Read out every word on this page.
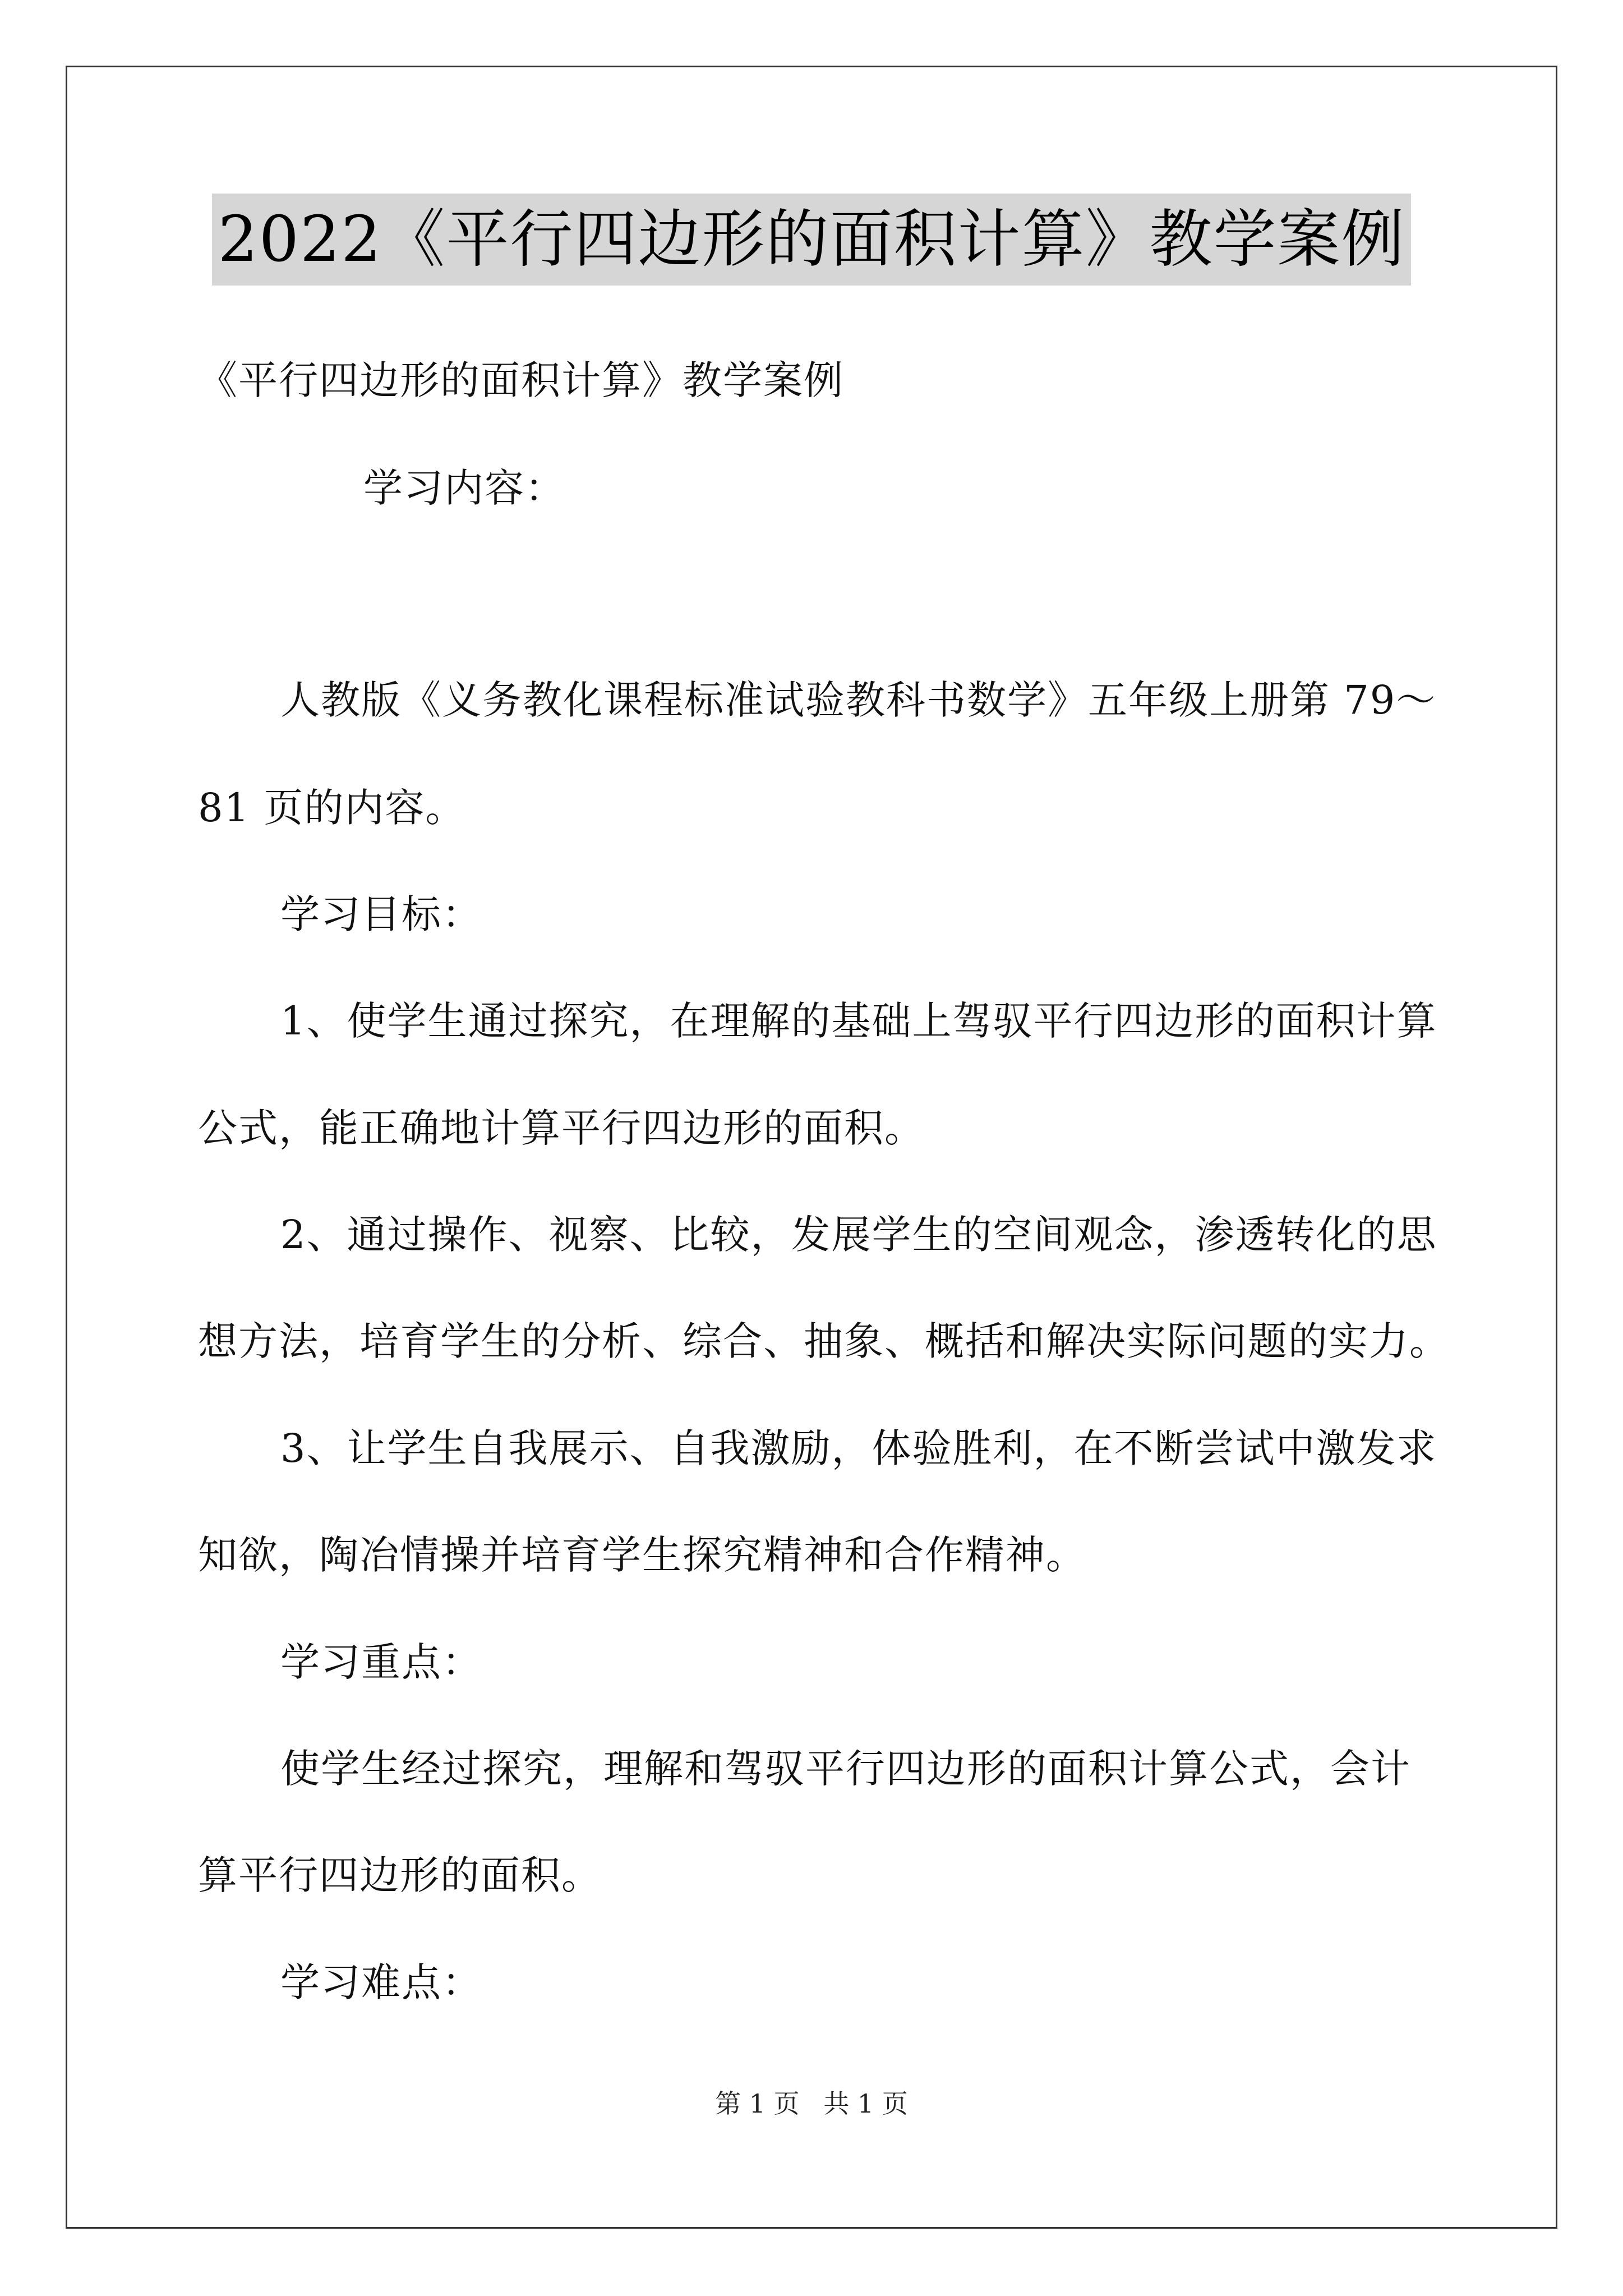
2022《平行四边形的面积计算》教学案例
《平行四边形的面积计算》教学案例
学习内容：
人教版《义务教化课程标准试验教科书数学》五年级上册第 79～
81 页的内容。
学习目标：
1、使学生通过探究，在理解的基础上驾驭平行四边形的面积计算
公式，能正确地计算平行四边形的面积。
2、通过操作、视察、比较，发展学生的空间观念，渗透转化的思
想方法，培育学生的分析、综合、抽象、概括和解决实际问题的实力。
3、让学生自我展示、自我激励，体验胜利，在不断尝试中激发求
知欲，陶冶情操并培育学生探究精神和合作精神。
学习重点：
使学生经过探究，理解和驾驭平行四边形的面积计算公式，会计
算平行四边形的面积。
学习难点：
第 1 页 共 1 页
